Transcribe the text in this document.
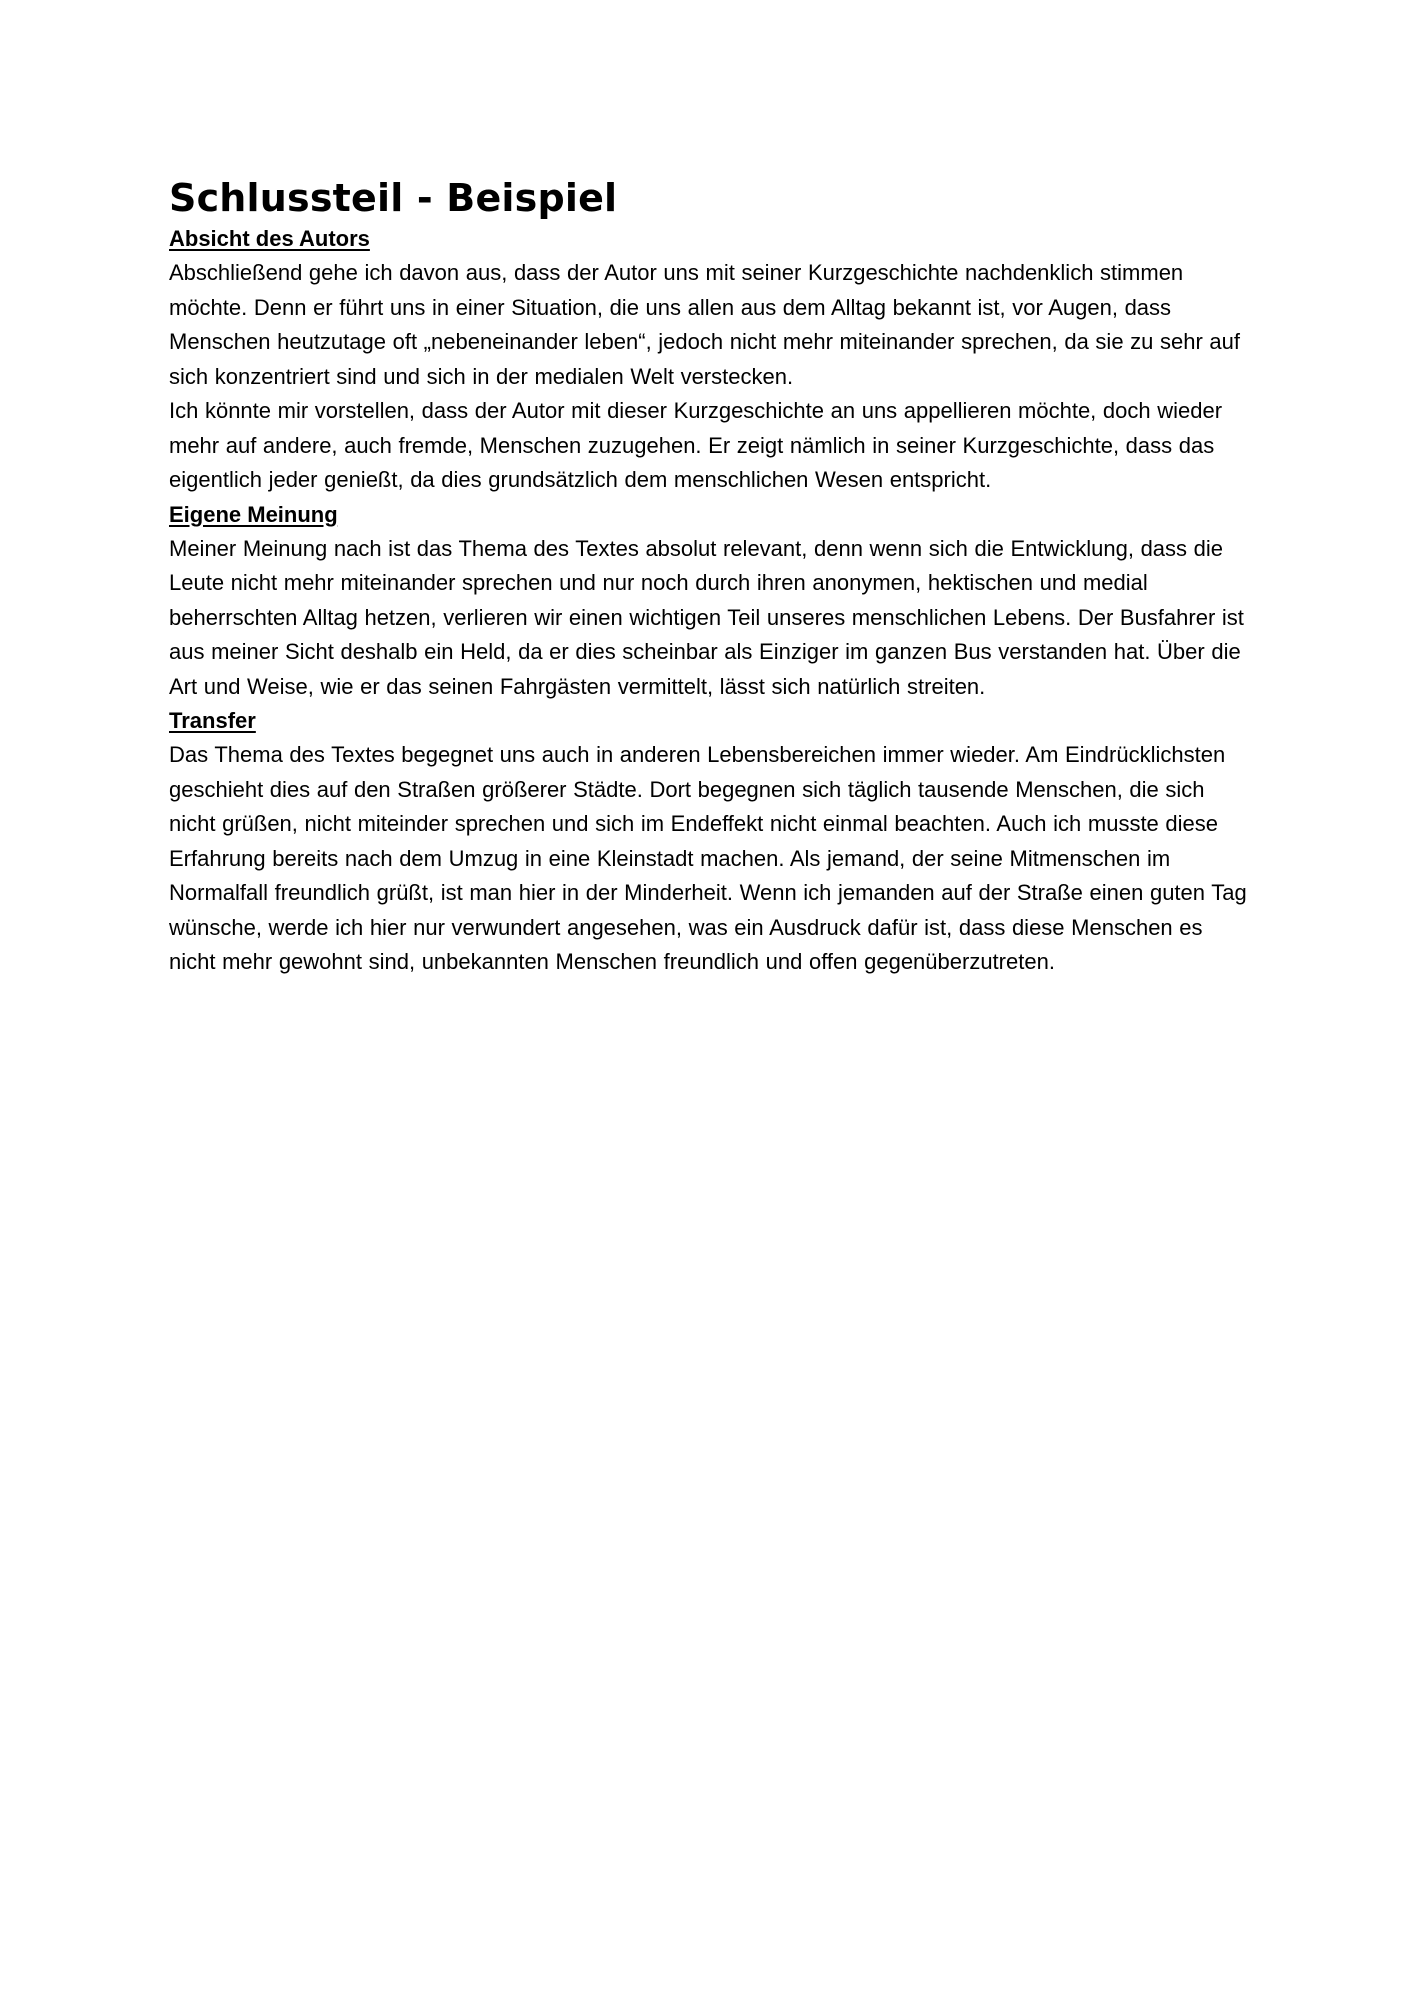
Schlussteil - Beispiel
Absicht des Autors

Abschließend gehe ich davon aus, dass der Autor uns mit seiner Kurzgeschichte nachdenklich stimmen möchte. Denn er führt uns in einer Situation, die uns allen aus dem Alltag bekannt ist, vor Augen, dass Menschen heutzutage oft „nebeneinander leben“, jedoch nicht mehr miteinander sprechen, da sie zu sehr auf sich konzentriert sind und sich in der medialen Welt verstecken.

Ich könnte mir vorstellen, dass der Autor mit dieser Kurzgeschichte an uns appellieren möchte, doch wieder mehr auf andere, auch fremde, Menschen zuzugehen. Er zeigt nämlich in seiner Kurzgeschichte, dass das eigentlich jeder genießt, da dies grundsätzlich dem menschlichen Wesen entspricht.

Eigene Meinung

Meiner Meinung nach ist das Thema des Textes absolut relevant, denn wenn sich die Entwicklung, dass die Leute nicht mehr miteinander sprechen und nur noch durch ihren anonymen, hektischen und medial beherrschten Alltag hetzen, verlieren wir einen wichtigen Teil unseres menschlichen Lebens. Der Busfahrer ist aus meiner Sicht deshalb ein Held, da er dies scheinbar als Einziger im ganzen Bus verstanden hat. Über die Art und Weise, wie er das seinen Fahrgästen vermittelt, lässt sich natürlich streiten.

Transfer

Das Thema des Textes begegnet uns auch in anderen Lebensbereichen immer wieder. Am Eindrücklichsten geschieht dies auf den Straßen größerer Städte. Dort begegnen sich täglich tausende Menschen, die sich nicht grüßen, nicht miteinder sprechen und sich im Endeffekt nicht einmal beachten. Auch ich musste diese Erfahrung bereits nach dem Umzug in eine Kleinstadt machen. Als jemand, der seine Mitmenschen im Normalfall freundlich grüßt, ist man hier in der Minderheit. Wenn ich jemanden auf der Straße einen guten Tag wünsche, werde ich hier nur verwundert angesehen, was ein Ausdruck dafür ist, dass diese Menschen es nicht mehr gewohnt sind, unbekannten Menschen freundlich und offen gegenüberzutreten.
